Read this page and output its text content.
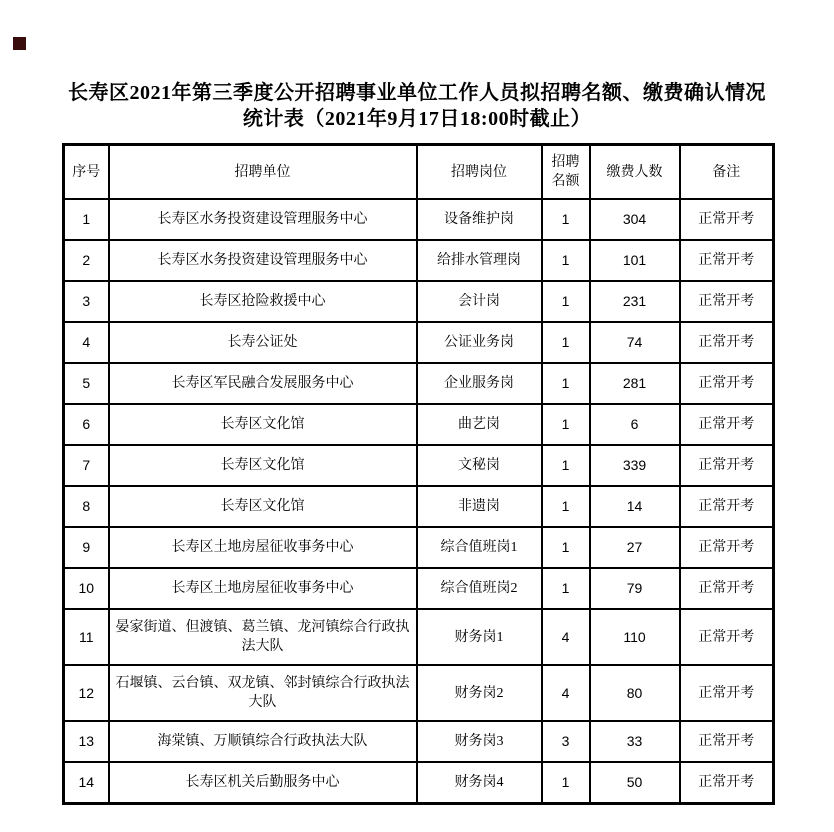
长寿区2021年第三季度公开招聘事业单位工作人员拟招聘名额、缴费确认情况
统计表（2021年9月17日18:00时截止）
序号	招聘单位	招聘岗位	招聘名额	缴费人数	备注
1	长寿区水务投资建设管理服务中心	设备维护岗	1	304	正常开考
2	长寿区水务投资建设管理服务中心	给排水管理岗	1	101	正常开考
3	长寿区抢险救援中心	会计岗	1	231	正常开考
4	长寿公证处	公证业务岗	1	74	正常开考
5	长寿区军民融合发展服务中心	企业服务岗	1	281	正常开考
6	长寿区文化馆	曲艺岗	1	6	正常开考
7	长寿区文化馆	文秘岗	1	339	正常开考
8	长寿区文化馆	非遗岗	1	14	正常开考
9	长寿区土地房屋征收事务中心	综合值班岗1	1	27	正常开考
10	长寿区土地房屋征收事务中心	综合值班岗2	1	79	正常开考
11	晏家街道、但渡镇、葛兰镇、龙河镇综合行政执法大队	财务岗1	4	110	正常开考
12	石堰镇、云台镇、双龙镇、邻封镇综合行政执法大队	财务岗2	4	80	正常开考
13	海棠镇、万顺镇综合行政执法大队	财务岗3	3	33	正常开考
14	长寿区机关后勤服务中心	财务岗4	1	50	正常开考
